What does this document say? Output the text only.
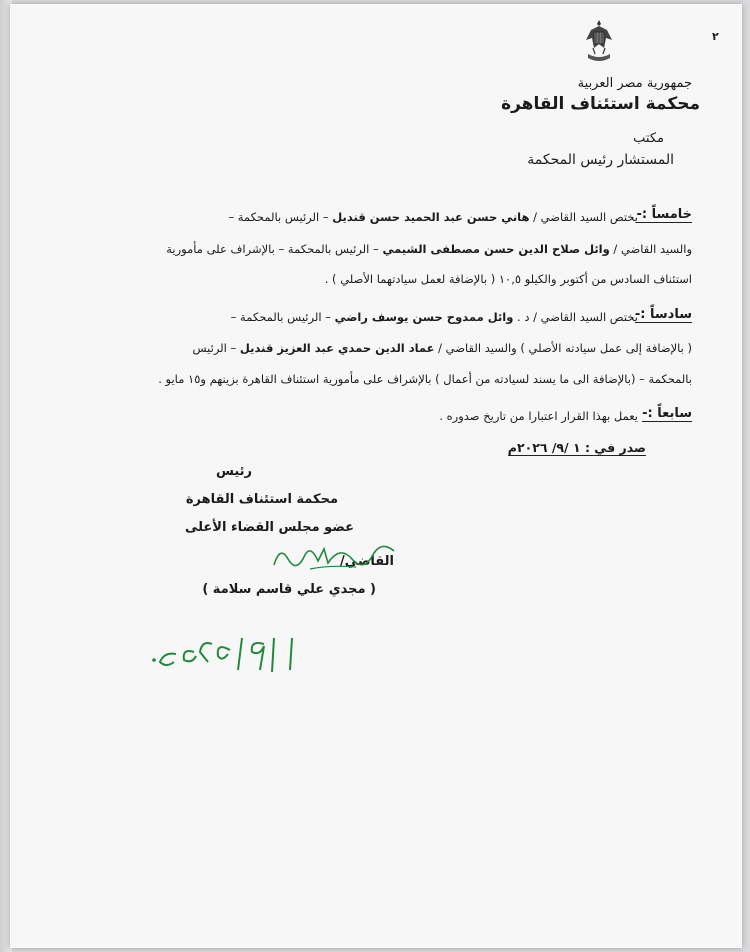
٢
جمهورية مصر العربية
محكمة استئناف القاهرة
مكتب
المستشار رئيس المحكمة
خامساً :-
يختص السيد القاضي / هاني حسن عبد الحميد حسن قنديل – الرئيس بالمحكمة –
والسيد القاضي / وائل صلاح الدين حسن مصطفى الشيمي – الرئيس بالمحكمة – بالإشراف على مأمورية
استئناف السادس من أكتوبر والكيلو ١٠,٥ ( بالإضافة لعمل سيادتهما الأصلي ) .
سادساً :-
يختص السيد القاضي / د . وائل ممدوح حسن يوسف راضي – الرئيس بالمحكمة –
( بالإضافة إلى عمل سيادته الأصلي ) والسيد القاضي / عماد الدين حمدي عبد العزيز قنديل – الرئيس
بالمحكمة – (بالإضافة الى ما يسند لسيادته من أعمال ) بالإشراف على مأمورية استئناف القاهرة بزينهم و١٥ مايو .
سابعاً :-
يعمل بهذا القرار اعتبارا من تاريخ صدوره .
صدر في : ١ /٩/ ٢٠٢٦م
رئيس
محكمة استئناف القاهرة
عضو مجلس القضاء الأعلى
القاضي/
( مجدي علي قاسم سلامة )
